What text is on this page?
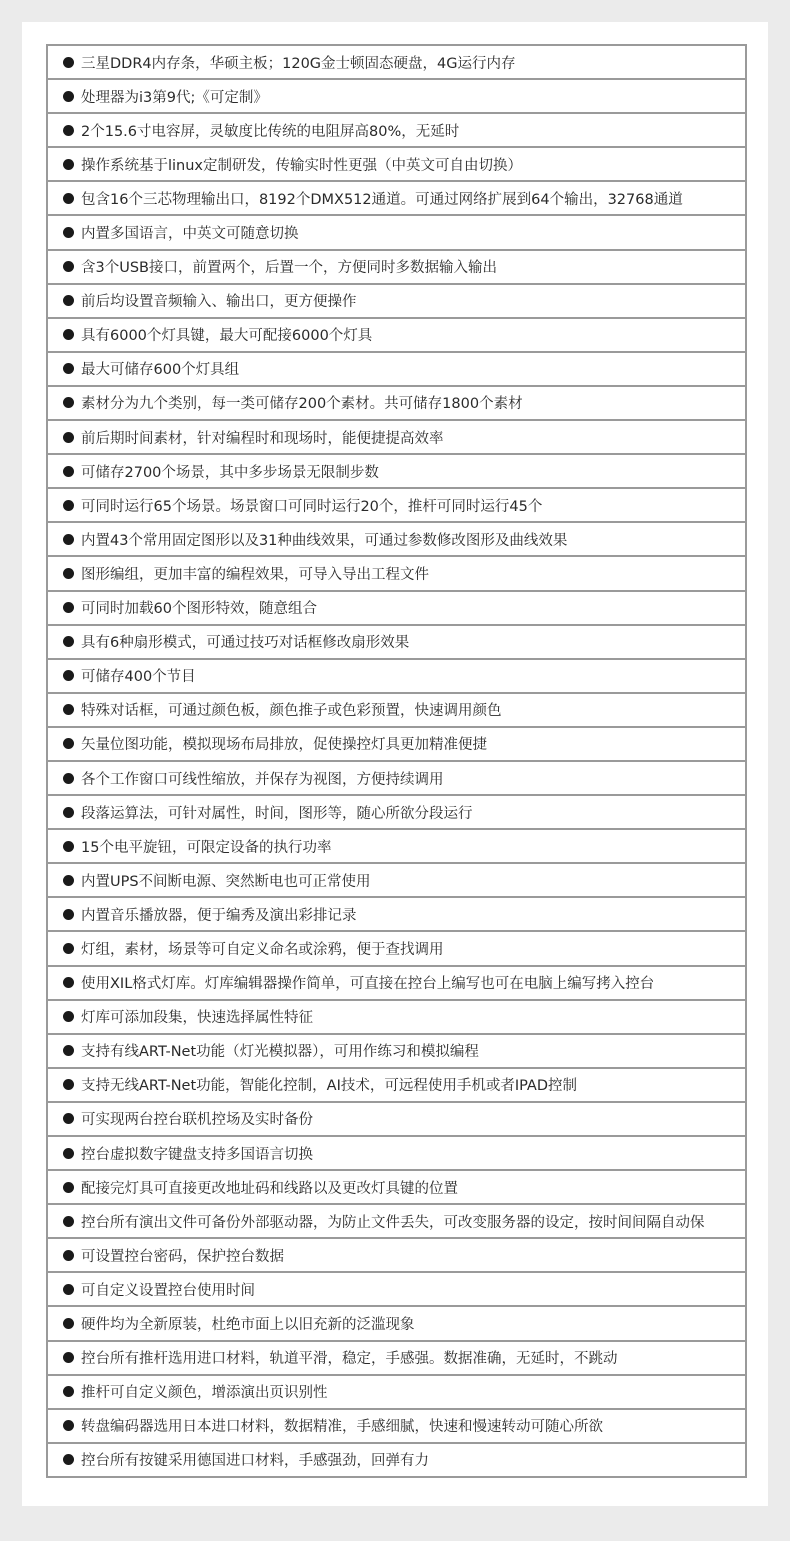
三星DDR4内存条，华硕主板；120G金士顿固态硬盘，4G运行内存
处理器为i3第9代;《可定制》
2个15.6寸电容屏，灵敏度比传统的电阻屏高80%，无延时
操作系统基于linux定制研发，传输实时性更强（中英文可自由切换）
包含16个三芯物理输出口，8192个DMX512通道。可通过网络扩展到64个输出，32768通道
内置多国语言，中英文可随意切换
含3个USB接口，前置两个，后置一个，方便同时多数据输入输出
前后均设置音频输入、输出口，更方便操作
具有6000个灯具键，最大可配接6000个灯具
最大可储存600个灯具组
素材分为九个类别，每一类可储存200个素材。共可储存1800个素材
前后期时间素材，针对编程时和现场时，能便捷提高效率
可储存2700个场景，其中多步场景无限制步数
可同时运行65个场景。场景窗口可同时运行20个，推杆可同时运行45个
内置43个常用固定图形以及31种曲线效果，可通过参数修改图形及曲线效果
图形编组，更加丰富的编程效果，可导入导出工程文件
可同时加载60个图形特效，随意组合
具有6种扇形模式，可通过技巧对话框修改扇形效果
可储存400个节目
特殊对话框，可通过颜色板，颜色推子或色彩预置，快速调用颜色
矢量位图功能，模拟现场布局排放，促使操控灯具更加精准便捷
各个工作窗口可线性缩放，并保存为视图，方便持续调用
段落运算法，可针对属性，时间，图形等，随心所欲分段运行
15个电平旋钮，可限定设备的执行功率
内置UPS不间断电源、突然断电也可正常使用
内置音乐播放器，便于编秀及演出彩排记录
灯组，素材，场景等可自定义命名或涂鸦，便于查找调用
使用XIL格式灯库。灯库编辑器操作简单，可直接在控台上编写也可在电脑上编写拷入控台
灯库可添加段集，快速选择属性特征
支持有线ART-Net功能（灯光模拟器），可用作练习和模拟编程
支持无线ART-Net功能，智能化控制，AI技术，可远程使用手机或者IPAD控制
可实现两台控台联机控场及实时备份
控台虚拟数字键盘支持多国语言切换
配接完灯具可直接更改地址码和线路以及更改灯具键的位置
控台所有演出文件可备份外部驱动器，为防止文件丢失，可改变服务器的设定，按时间间隔自动保
可设置控台密码，保护控台数据
可自定义设置控台使用时间
硬件均为全新原装，杜绝市面上以旧充新的泛滥现象
控台所有推杆选用进口材料，轨道平滑，稳定，手感强。数据准确，无延时，不跳动
推杆可自定义颜色，增添演出页识别性
转盘编码器选用日本进口材料，数据精准，手感细腻，快速和慢速转动可随心所欲
控台所有按键采用德国进口材料，手感强劲，回弹有力
